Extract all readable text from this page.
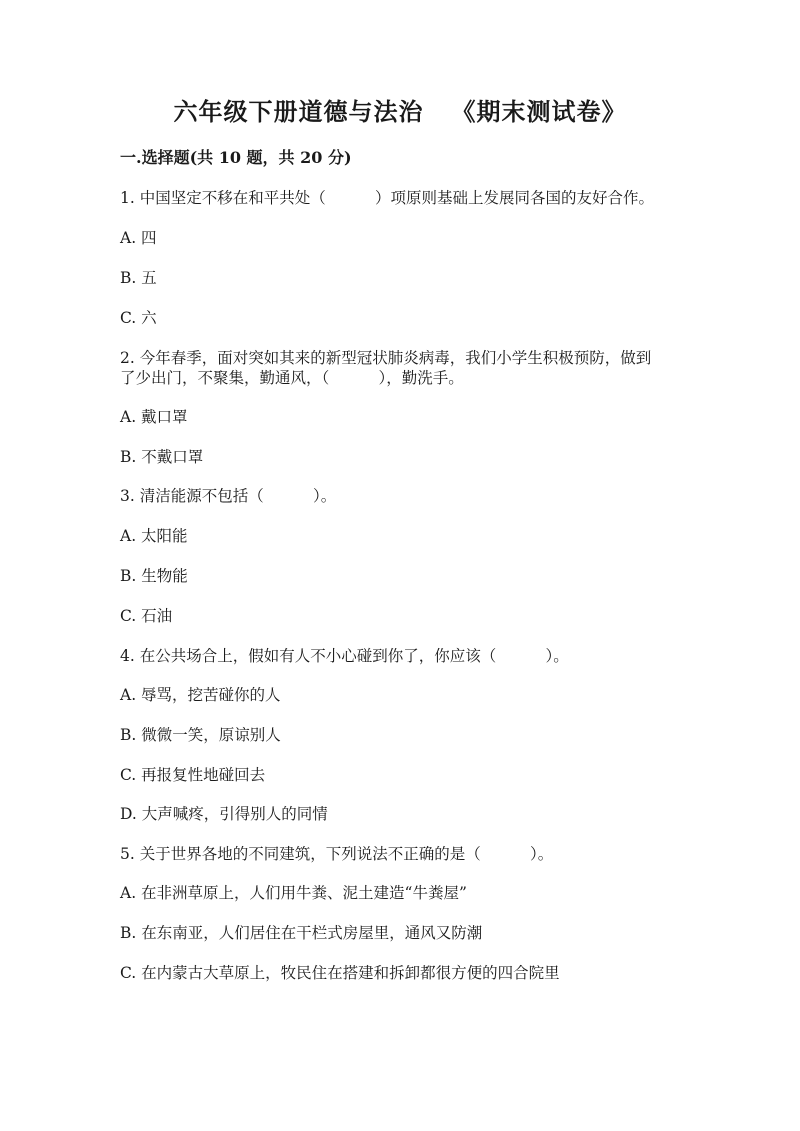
六年级下册道德与法治   《期末测试卷》
一.选择题(共 10 题，共 20 分)
1. 中国坚定不移在和平共处（          ）项原则基础上发展同各国的友好合作。
A. 四
B. 五
C. 六
2. 今年春季，面对突如其来的新型冠状肺炎病毒，我们小学生积极预防，做到
了少出门，不聚集，勤通风，（          ），勤洗手。
A. 戴口罩
B. 不戴口罩
3. 清洁能源不包括（          ）。
A. 太阳能
B. 生物能
C. 石油
4. 在公共场合上，假如有人不小心碰到你了，你应该（          ）。
A. 辱骂，挖苦碰你的人
B. 微微一笑，原谅别人
C. 再报复性地碰回去
D. 大声喊疼，引得别人的同情
5. 关于世界各地的不同建筑，下列说法不正确的是（          ）。
A. 在非洲草原上，人们用牛粪、泥土建造“牛粪屋”
B. 在东南亚，人们居住在干栏式房屋里，通风又防潮
C. 在内蒙古大草原上，牧民住在搭建和拆卸都很方便的四合院里
